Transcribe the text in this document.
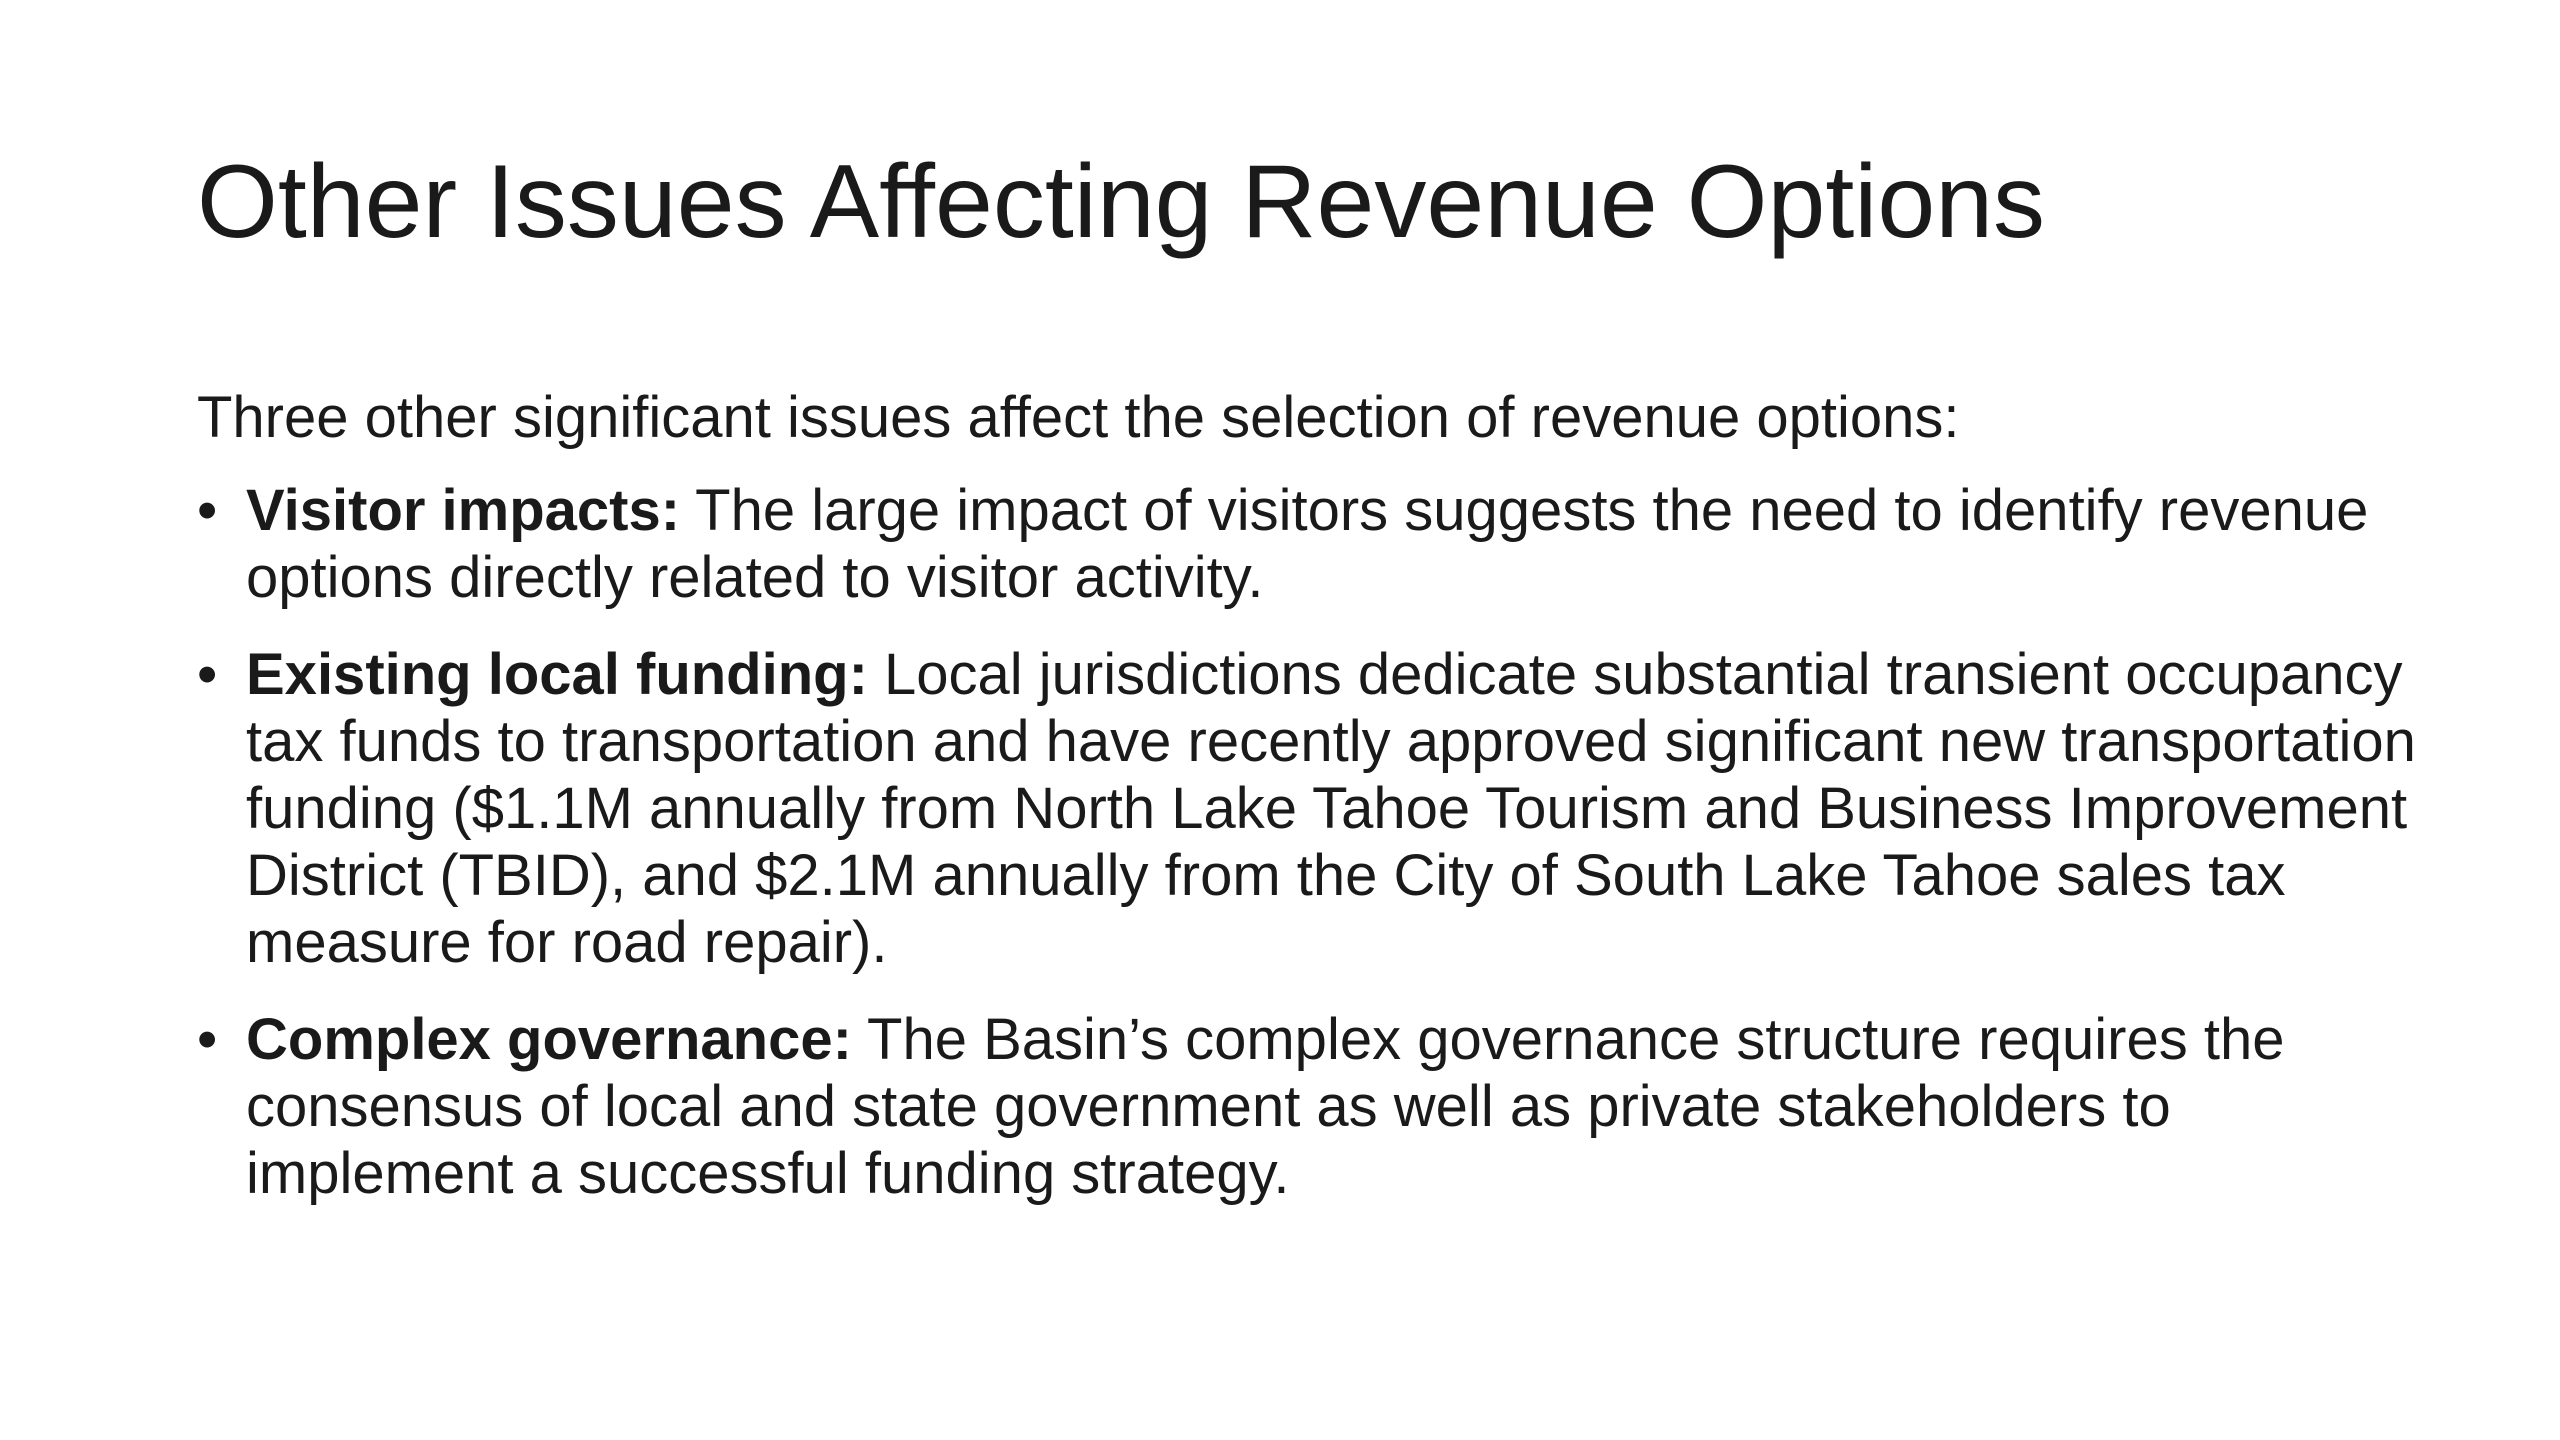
Other Issues Affecting Revenue Options

Three other significant issues affect the selection of revenue options:

• Visitor impacts: The large impact of visitors suggests the need to identify revenue options directly related to visitor activity.
• Existing local funding: Local jurisdictions dedicate substantial transient occupancy tax funds to transportation and have recently approved significant new transportation funding ($1.1M annually from North Lake Tahoe Tourism and Business Improvement District (TBID), and $2.1M annually from the City of South Lake Tahoe sales tax measure for road repair).
• Complex governance: The Basin’s complex governance structure requires the consensus of local and state government as well as private stakeholders to implement a successful funding strategy.
